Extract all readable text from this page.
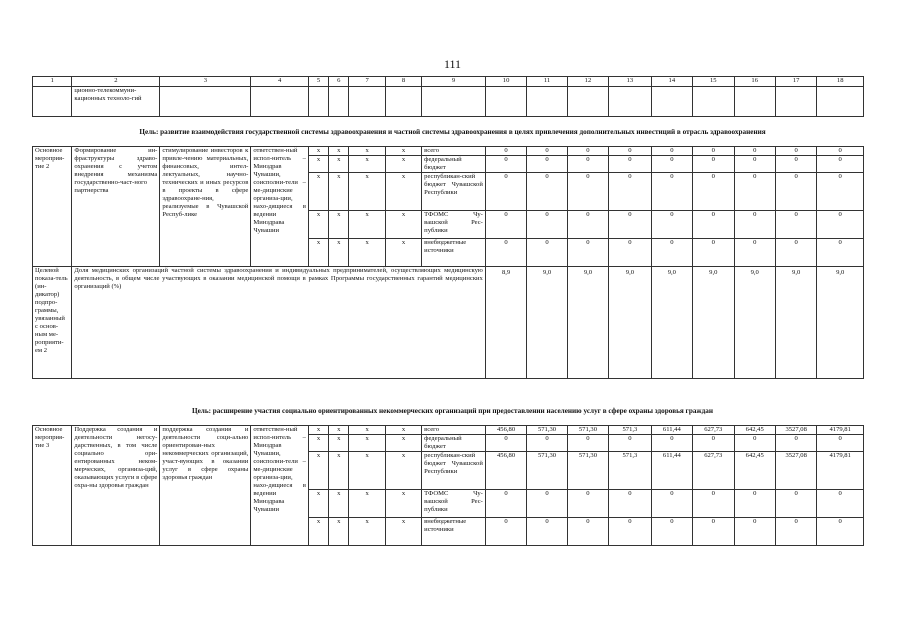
111
1	2	3	4	5	6	7	8	9	10	11	12	13	14	15	16	17	18
	ционно-телекоммуни-кационных техноло-гий																
Цель: развитие взаимодействия государственной системы здравоохранения и частной системы здравоохранения в целях привлечения дополнительных инвестиций в отрасль здравоохранения
Основное мероприя-тие 2	Формирование ин-фраструктуры здраво-охранения с учетом внедрения механизма государственно-част-ного партнерства	стимулирование инвесторов к привле-чению материальных, финансовых, интел-лектуальных, научно-технических и иных ресурсов в проекты в сфере здравоохране-ния, реализуемые в Чувашской Респуб-лике	ответствен-ный испол-нитель – Минздрав Чувашии, соисполни-тели – ме-дицинские организа-ции, нахо-дящиеся в ведении Минздрава Чувашии	x	x	x	x	всего	0	0	0	0	0	0	0	0	0
				x	x	x	x	федеральный бюджет	0	0	0	0	0	0	0	0	0
				x	x	x	x	республикан-ский бюджет Чувашской Республики	0	0	0	0	0	0	0	0	0
				x	x	x	x	ТФОМС Чу-вашской Рес-публики	0	0	0	0	0	0	0	0	0
				x	x	x	x	внебюджетные источники	0	0	0	0	0	0	0	0	0
Целевой показа-тель (ин-дикатор) подпро-граммы, увязанный с основ-ным ме-роприяти-ем 2	Доля медицинских организаций частной системы здравоохранения и индивидуальных предпринимателей, осуществляющих медицинскую деятельность, в общем числе участвующих в оказании медицинской помощи в рамках Программы государственных гарантий медицинских организаций (%)								8,9	9,0	9,0	9,0	9,0	9,0	9,0	9,0	9,0
Цель: расширение участия социально ориентированных некоммерческих организаций при предоставлении населению услуг в сфере охраны здоровья граждан
Основное мероприя-тие 3	Поддержка создания и деятельности негосу-дарственных, в том числе социально ори-ентированных неком-мерческих, организа-ций, оказывающих услуги в сфере охра-ны здоровья граждан	поддержка создания и деятельности соци-ально ориентирован-ных некоммерческих организаций, участ-вующих в оказании услуг в сфере охраны здоровья граждан	ответствен-ный испол-нитель – Минздрав Чувашии, соисполни-тели – ме-дицинские организа-ции, нахо-дящиеся в ведении Минздрава Чувашии	x	x	x	x	всего	456,80	571,30	571,30	571,3	611,44	627,73	642,45	3527,08	4179,81
				x	x	x	x	федеральный бюджет	0	0	0	0	0	0	0	0	0
				x	x	x	x	республикан-ский бюджет Чувашской Республики	456,80	571,30	571,30	571,3	611,44	627,73	642,45	3527,08	4179,81
				x	x	x	x	ТФОМС Чу-вашской Рес-публики	0	0	0	0	0	0	0	0	0
				x	x	x	x	внебюджетные источники	0	0	0	0	0	0	0	0	0
